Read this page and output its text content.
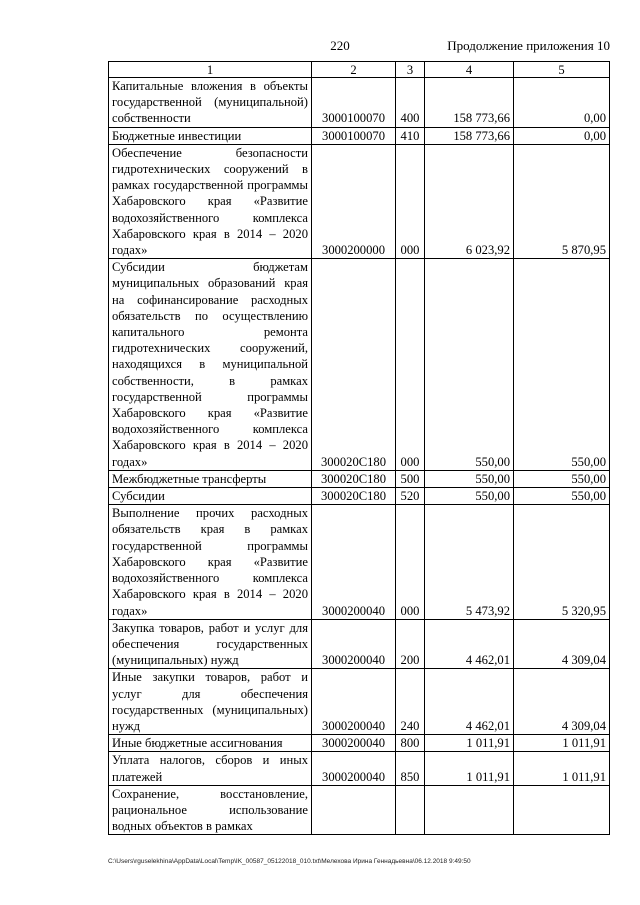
220	Продолжение приложения 10
1	2	3	4	5
Капитальные вложения в объекты государственной (муниципальной) собственности	3000100070	400	158 773,66	0,00
Бюджетные инвестиции	3000100070	410	158 773,66	0,00
Обеспечение безопасности гидротехнических сооружений в рамках государственной программы Хабаровского края «Развитие водохозяйственного комплекса Хабаровского края в 2014 – 2020 годах»	3000200000	000	6 023,92	5 870,95
Субсидии бюджетам муниципальных образований края на софинансирование расходных обязательств по осуществлению капитального ремонта гидротехнических сооружений, находящихся в муниципальной собственности, в рамках государственной программы Хабаровского края «Развитие водохозяйственного комплекса Хабаровского края в 2014 – 2020 годах»	300020C180	000	550,00	550,00
Межбюджетные трансферты	300020C180	500	550,00	550,00
Субсидии	300020C180	520	550,00	550,00
Выполнение прочих расходных обязательств края в рамках государственной программы Хабаровского края «Развитие водохозяйственного комплекса Хабаровского края в 2014 – 2020 годах»	3000200040	000	5 473,92	5 320,95
Закупка товаров, работ и услуг для обеспечения государственных (муниципальных) нужд	3000200040	200	4 462,01	4 309,04
Иные закупки товаров, работ и услуг для обеспечения государственных (муниципальных) нужд	3000200040	240	4 462,01	4 309,04
Иные бюджетные ассигнования	3000200040	800	1 011,91	1 011,91
Уплата налогов, сборов и иных платежей	3000200040	850	1 011,91	1 011,91
Сохранение, восстановление, рациональное использование водных объектов в рамках				
C:\Users\rguselekhina\AppData\Local\Temp\IK_00587_05122018_010.txt\Мелехова Ирина Геннадьевна\06.12.2018 9:49:50
